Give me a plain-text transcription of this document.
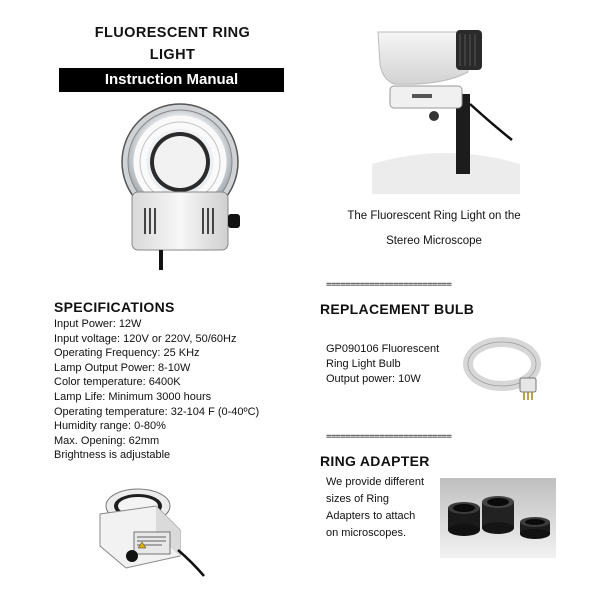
FLUORESCENT RING
LIGHT
Instruction Manual
The Fluorescent Ring Light on the
Stereo Microscope
SPECIFICATIONS
Input Power: 12W
Input voltage: 120V or 220V, 50/60Hz
Operating Frequency: 25 KHz
Lamp Output Power: 8-10W
Color temperature: 6400K
Lamp Life: Minimum 3000 hours
Operating temperature: 32-104 F (0-40ºC)
Humidity range: 0-80%
Max. Opening: 62mm
Brightness is adjustable
==========================
REPLACEMENT BULB
GP090106 Fluorescent
Ring Light Bulb
Output power: 10W
==========================
RING ADAPTER
We provide different
sizes of Ring
Adapters to attach
on microscopes.
